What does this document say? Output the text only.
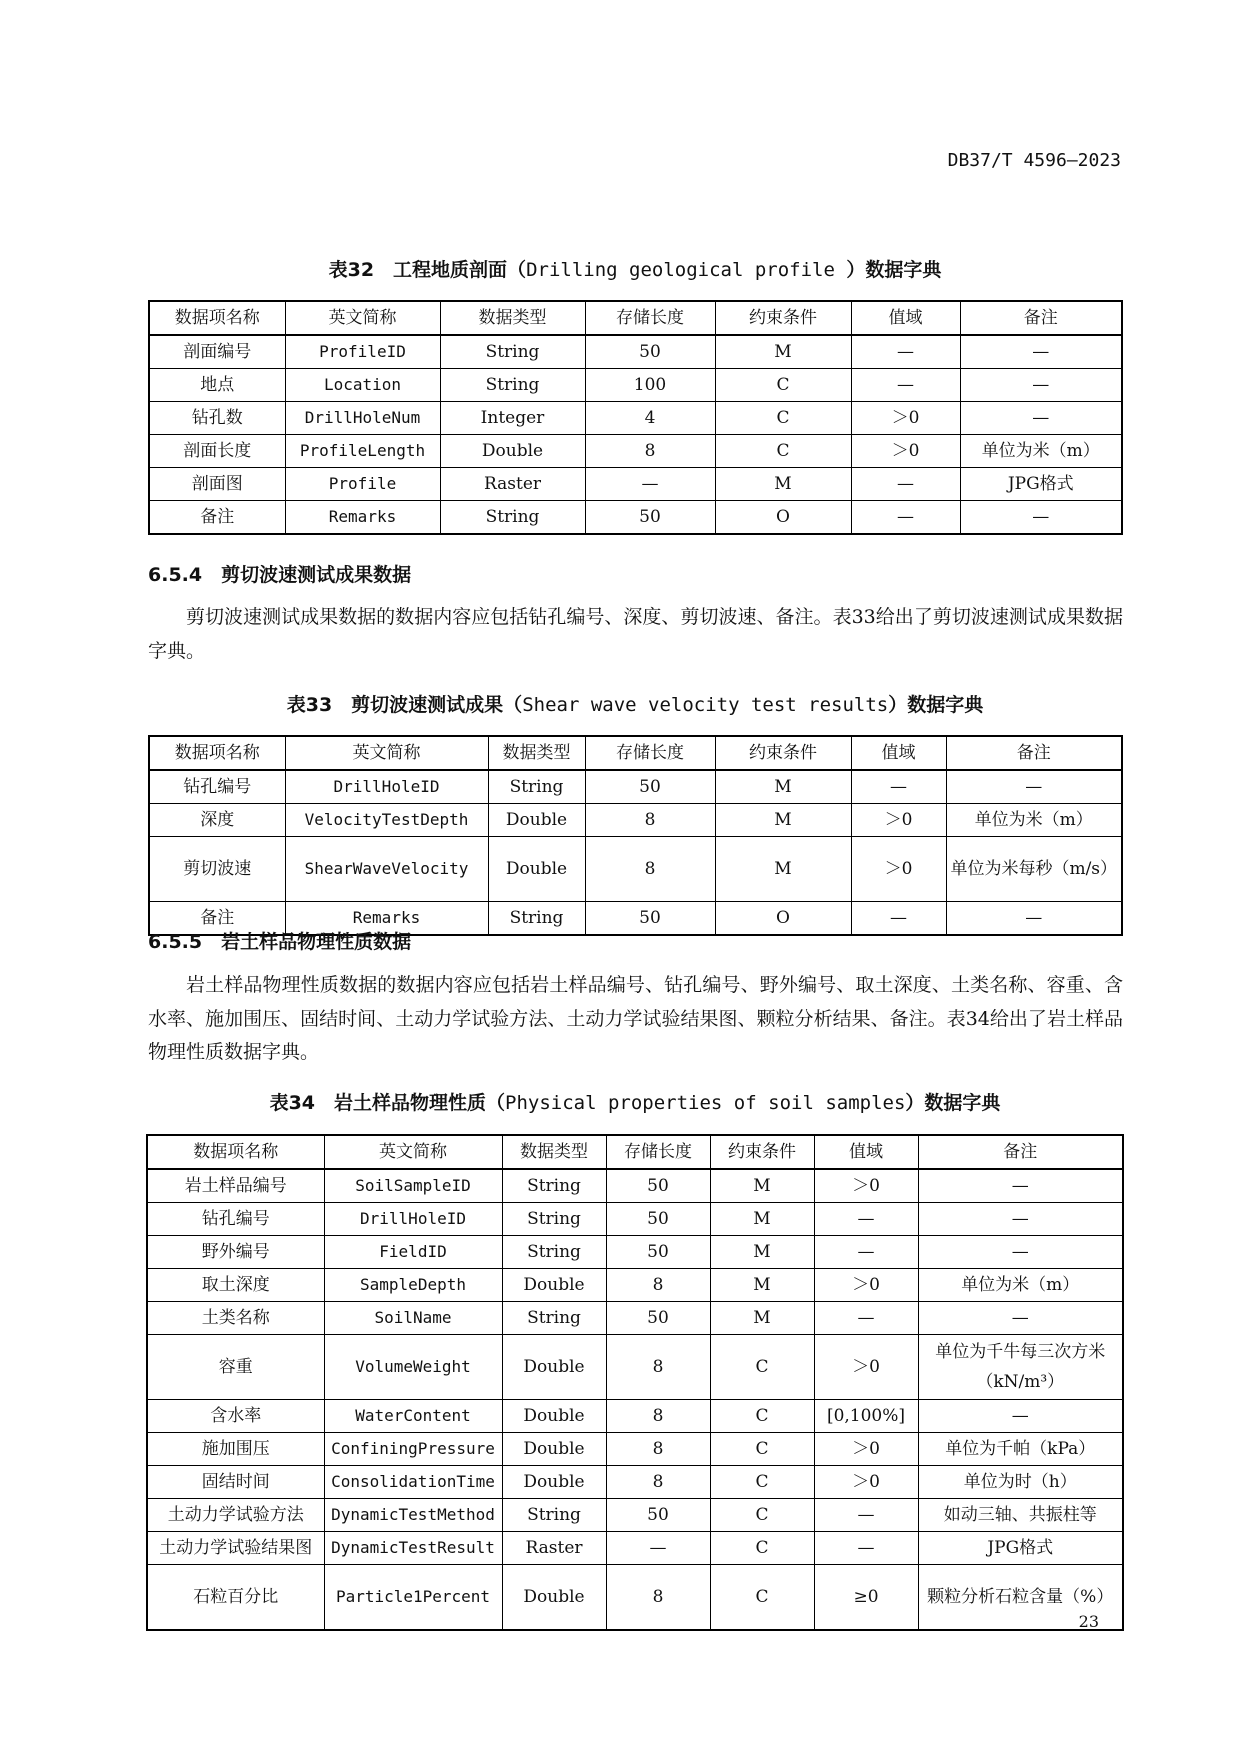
DB37/T 4596—2023
表32　工程地质剖面（Drilling geological profile ）数据字典
数据项名称	英文简称	数据类型	存储长度	约束条件	值域	备注
剖面编号	ProfileID	String	50	M	—	—
地点	Location	String	100	C	—	—
钻孔数	DrillHoleNum	Integer	4	C	＞0	—
剖面长度	ProfileLength	Double	8	C	＞0	单位为米（m）
剖面图	Profile	Raster	—	M	—	JPG格式
备注	Remarks	String	50	O	—	—
6.5.4　剪切波速测试成果数据
剪切波速测试成果数据的数据内容应包括钻孔编号、深度、剪切波速、备注。表33给出了剪切波速测试成果数据字典。
表33　剪切波速测试成果（Shear wave velocity test results）数据字典
数据项名称	英文简称	数据类型	存储长度	约束条件	值域	备注
钻孔编号	DrillHoleID	String	50	M	—	—
深度	VelocityTestDepth	Double	8	M	＞0	单位为米（m）
剪切波速	ShearWaveVelocity	Double	8	M	＞0	单位为米每秒（m/s）
备注	Remarks	String	50	O	—	—
6.5.5　岩土样品物理性质数据
岩土样品物理性质数据的数据内容应包括岩土样品编号、钻孔编号、野外编号、取土深度、土类名称、容重、含水率、施加围压、固结时间、土动力学试验方法、土动力学试验结果图、颗粒分析结果、备注。表34给出了岩土样品物理性质数据字典。
表34　岩土样品物理性质（Physical properties of soil samples）数据字典
数据项名称	英文简称	数据类型	存储长度	约束条件	值域	备注
岩土样品编号	SoilSampleID	String	50	M	＞0	—
钻孔编号	DrillHoleID	String	50	M	—	—
野外编号	FieldID	String	50	M	—	—
取土深度	SampleDepth	Double	8	M	＞0	单位为米（m）
土类名称	SoilName	String	50	M	—	—
容重	VolumeWeight	Double	8	C	＞0	单位为千牛每三次方米（kN/m³）
含水率	WaterContent	Double	8	C	[0,100%]	—
施加围压	ConfiningPressure	Double	8	C	＞0	单位为千帕（kPa）
固结时间	ConsolidationTime	Double	8	C	＞0	单位为时（h）
土动力学试验方法	DynamicTestMethod	String	50	C	—	如动三轴、共振柱等
土动力学试验结果图	DynamicTestResult	Raster	—	C	—	JPG格式
石粒百分比	Particle1Percent	Double	8	C	≥0	颗粒分析石粒含量（%）
23
